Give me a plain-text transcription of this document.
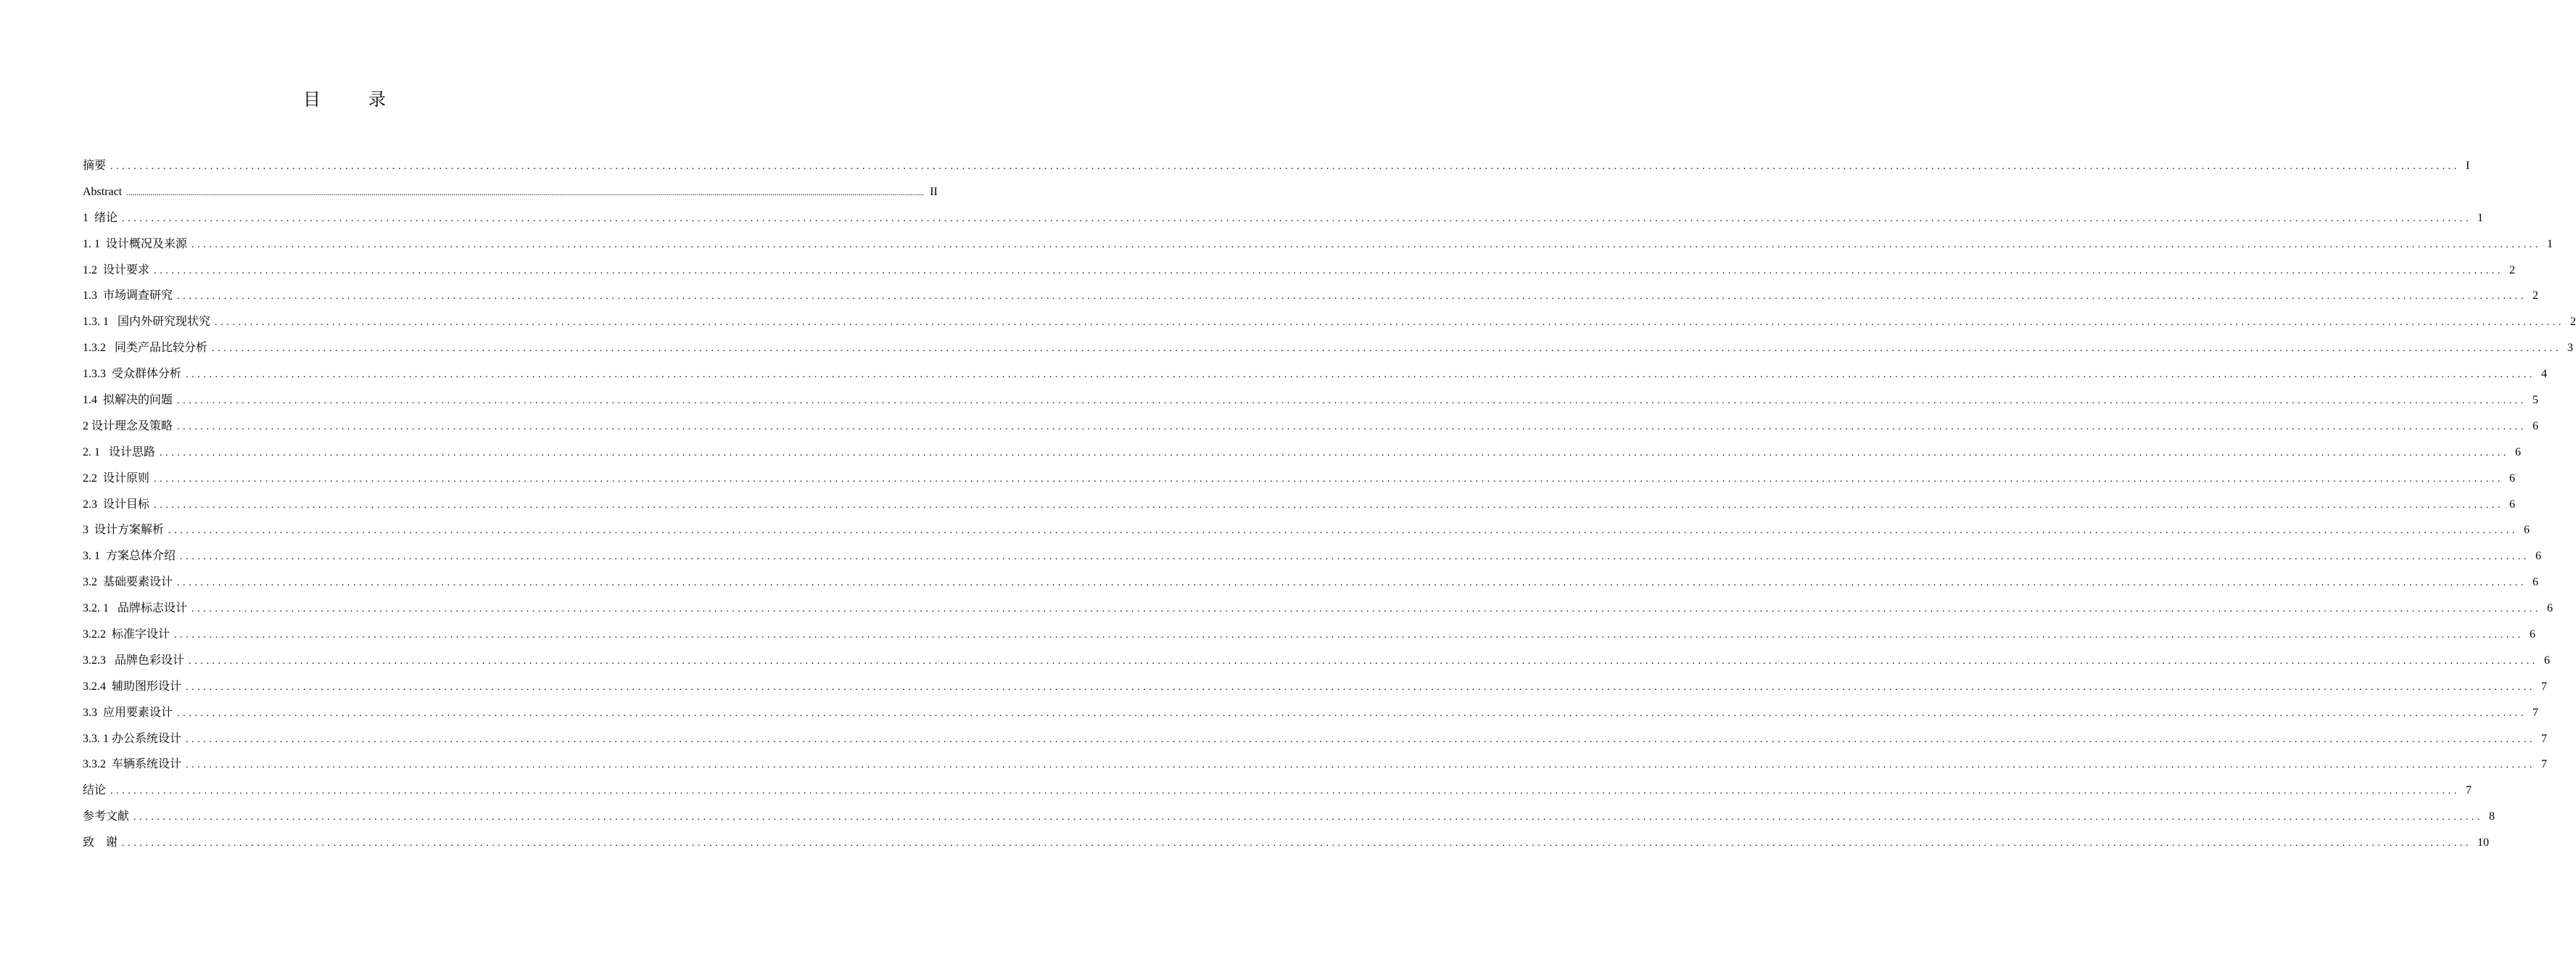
目 录
摘要 ................................................................................................................................................................................................................................................................................................................................................................................................................ I
Abstract ................................................................................................................................................................................................................................................................................................................................................................................................................ II
1  绪论 ................................................................................................................................................................................................................................................................................................................................................................................................................ 1
1. 1  设计概况及来源 ................................................................................................................................................................................................................................................................................................................................................................................................................ 1
1.2  设计要求 ................................................................................................................................................................................................................................................................................................................................................................................................................ 2
1.3  市场调查研究 ................................................................................................................................................................................................................................................................................................................................................................................................................ 2
1.3. 1   国内外研究现状究 ................................................................................................................................................................................................................................................................................................................................................................................................................ 2
1.3.2   同类产品比较分析 ................................................................................................................................................................................................................................................................................................................................................................................................................ 3
1.3.3  受众群体分析 ................................................................................................................................................................................................................................................................................................................................................................................................................ 4
1.4  拟解决的问题 ................................................................................................................................................................................................................................................................................................................................................................................................................ 5
2 设计理念及策略 ................................................................................................................................................................................................................................................................................................................................................................................................................ 6
2. 1   设计思路 ................................................................................................................................................................................................................................................................................................................................................................................................................ 6
2.2  设计原则 ................................................................................................................................................................................................................................................................................................................................................................................................................ 6
2.3  设计目标 ................................................................................................................................................................................................................................................................................................................................................................................................................ 6
3  设计方案解析 ................................................................................................................................................................................................................................................................................................................................................................................................................ 6
3. 1  方案总体介绍 ................................................................................................................................................................................................................................................................................................................................................................................................................ 6
3.2  基础要素设计 ................................................................................................................................................................................................................................................................................................................................................................................................................ 6
3.2. 1   品牌标志设计 ................................................................................................................................................................................................................................................................................................................................................................................................................ 6
3.2.2  标准字设计 ................................................................................................................................................................................................................................................................................................................................................................................................................ 6
3.2.3   品牌色彩设计 ................................................................................................................................................................................................................................................................................................................................................................................................................ 6
3.2.4  辅助图形设计 ................................................................................................................................................................................................................................................................................................................................................................................................................ 7
3.3  应用要素设计 ................................................................................................................................................................................................................................................................................................................................................................................................................ 7
3.3. 1 办公系统设计 ................................................................................................................................................................................................................................................................................................................................................................................................................ 7
3.3.2  车辆系统设计 ................................................................................................................................................................................................................................................................................................................................................................................................................ 7
结论 ................................................................................................................................................................................................................................................................................................................................................................................................................ 7
参考文献 ................................................................................................................................................................................................................................................................................................................................................................................................................ 8
致    谢 ................................................................................................................................................................................................................................................................................................................................................................................................................ 10
